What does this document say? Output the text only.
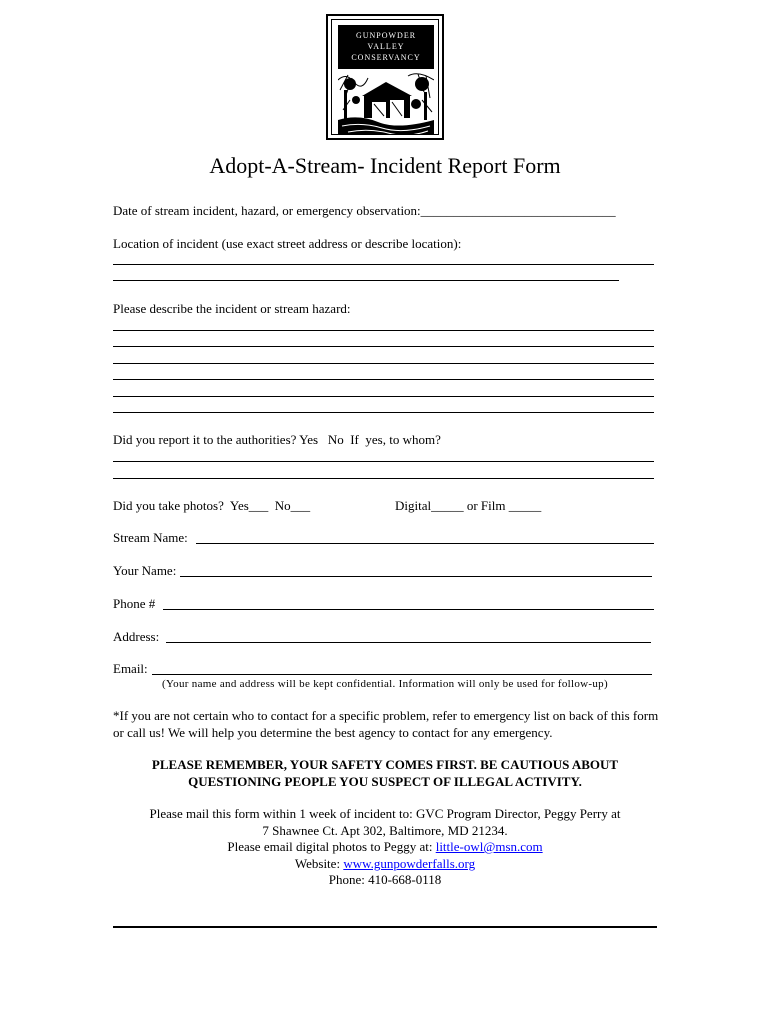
GUNPOWDER
VALLEY
CONSERVANCY
Adopt-A-Stream- Incident Report Form
Date of stream incident, hazard, or emergency observation:______________________________
Location of incident (use exact street address or describe location):
Please describe the incident or stream hazard:
Did you report it to the authorities? Yes   No  If  yes, to whom?
Did you take photos?  Yes___  No___	Digital_____ or Film _____
Stream Name:
Your Name:
Phone #
Address:
Email:
(Your name and address will be kept confidential. Information will only be used for follow-up)
*If you are not certain who to contact for a specific problem, refer to emergency list on back of this form or call us! We will help you determine the best agency to contact for any emergency.
PLEASE REMEMBER, YOUR SAFETY COMES FIRST. BE CAUTIOUS ABOUT
QUESTIONING PEOPLE YOU SUSPECT OF ILLEGAL ACTIVITY.
Please mail this form within 1 week of incident to: GVC Program Director, Peggy Perry at
7 Shawnee Ct. Apt 302, Baltimore, MD 21234.
Please email digital photos to Peggy at: little-owl@msn.com
Website: www.gunpowderfalls.org
Phone: 410-668-0118
